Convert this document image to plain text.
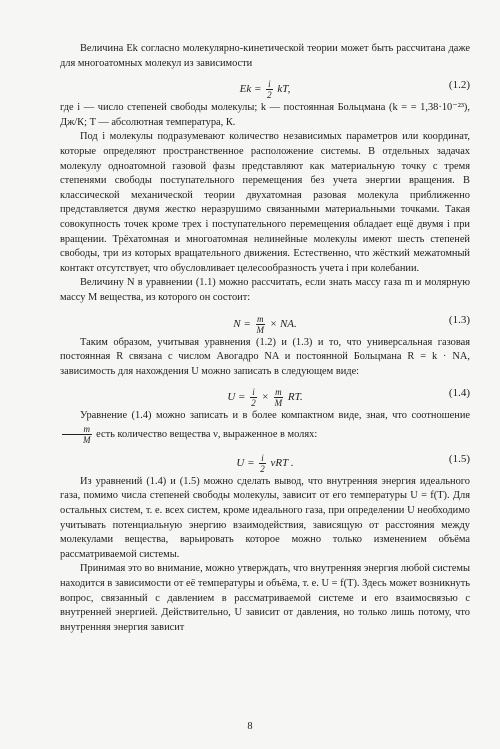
Величина Ek согласно молекулярно-кинетической теории может быть рассчитана даже для многоатомных молекул из зависимости

$Ek = \frac{i}{2}$ kT,	(1.2)

где i — число степеней свободы молекулы; k — постоянная Больцмана (k = = 1,38·10⁻²³), Дж/К; T — абсолютная температура, К.

Под i молекулы подразумевают количество независимых параметров или координат, которые определяют пространственное расположение системы. В отдельных задачах молекулу одноатомной газовой фазы представляют как материальную точку с тремя степенями свободы поступательного перемещения без учета энергии вращения. В классической механической теории двухатомная разовая молекула приближенно представляется двумя жестко неразрушимо связанными материальными точками. Такая совокупность точек кроме трех i поступательного перемещения обладает ещё двумя i при вращении. Трёхатомная и многоатомная нелинейные молекулы имеют шесть степеней свободы, три из которых вращательного движения. Естественно, что жёсткий межатомный контакт отсутствует, что обусловливает целесообразность учета i при колебании.

Величину N в уравнении (1.1) можно рассчитать, если знать массу газа m и молярную массу M вещества, из которого он состоит:

$N = \frac{m}{M}$ × NA.	(1.3)

Таким образом, учитывая уравнения (1.2) и (1.3) и то, что универсальная газовая постоянная R связана с числом Авогадро NA и постоянной Больцмана R = k · NA, зависимость для нахождения U можно записать в следующем виде:

$U = \frac{i}{2} \times \frac{m}{M}$ RT.	(1.4)

Уравнение (1.4) можно записать и в более компактном виде, зная, что соотношение
$\frac{m}{M}$ есть количество вещества ν, выраженное в молях:

$U = \frac{i}{2}$ νRT .	(1.5)

Из уравнений (1.4) и (1.5) можно сделать вывод, что внутренняя энергия идеального газа, помимо числа степеней свободы молекулы, зависит от его температуры U = f(T). Для остальных систем, т. е. всех систем, кроме идеального газа, при определении U необходимо учитывать потенциальную энергию взаимодействия, зависящую от расстояния между молекулами вещества, варьировать которое можно только изменением объёма рассматриваемой системы.

Принимая это во внимание, можно утверждать, что внутренняя энергия любой системы находится в зависимости от её температуры и объёма, т. е. U = f(T). Здесь может возникнуть вопрос, связанный с давлением в рассматриваемой системе и его взаимосвязью с внутренней энергией. Действительно, U зависит от давления, но только лишь потому, что внутренняя энергия зависит

8
